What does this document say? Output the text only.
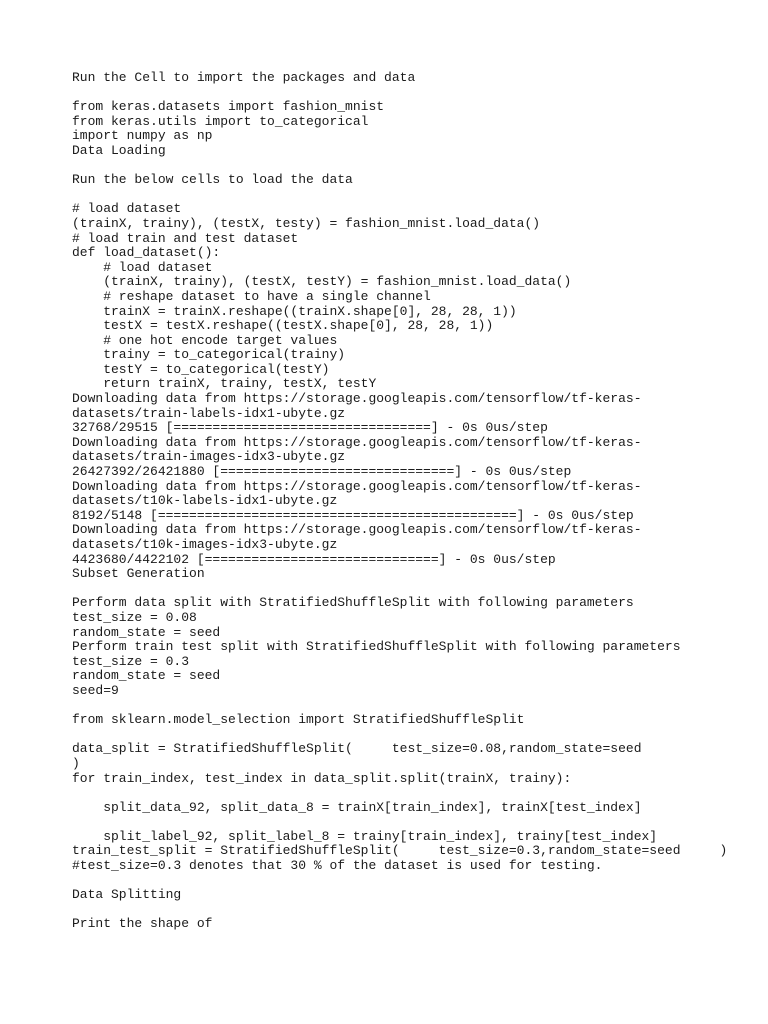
Run the Cell to import the packages and data
from keras.datasets import fashion_mnist
from keras.utils import to_categorical
import numpy as np
Data Loading
Run the below cells to load the data
# load dataset
(trainX, trainy), (testX, testy) = fashion_mnist.load_data()
# load train and test dataset
def load_dataset():
# load dataset
(trainX, trainy), (testX, testY) = fashion_mnist.load_data()
# reshape dataset to have a single channel
trainX = trainX.reshape((trainX.shape[0], 28, 28, 1))
testX = testX.reshape((testX.shape[0], 28, 28, 1))
# one hot encode target values
trainy = to_categorical(trainy)
testY = to_categorical(testY)
return trainX, trainy, testX, testY
Downloading data from https://storage.googleapis.com/tensorflow/tf-keras-
datasets/train-labels-idx1-ubyte.gz
32768/29515 [=================================] - 0s 0us/step
Downloading data from https://storage.googleapis.com/tensorflow/tf-keras-
datasets/train-images-idx3-ubyte.gz
26427392/26421880 [==============================] - 0s 0us/step
Downloading data from https://storage.googleapis.com/tensorflow/tf-keras-
datasets/t10k-labels-idx1-ubyte.gz
8192/5148 [==============================================] - 0s 0us/step
Downloading data from https://storage.googleapis.com/tensorflow/tf-keras-
datasets/t10k-images-idx3-ubyte.gz
4423680/4422102 [==============================] - 0s 0us/step
Subset Generation
Perform data split with StratifiedShuffleSplit with following parameters
test_size = 0.08
random_state = seed
Perform train test split with StratifiedShuffleSplit with following parameters
test_size = 0.3
random_state = seed
seed=9
from sklearn.model_selection import StratifiedShuffleSplit
data_split = StratifiedShuffleSplit(     test_size=0.08,random_state=seed
)
for train_index, test_index in data_split.split(trainX, trainy):
split_data_92, split_data_8 = trainX[train_index], trainX[test_index]
split_label_92, split_label_8 = trainy[train_index], trainy[test_index]
train_test_split = StratifiedShuffleSplit(     test_size=0.3,random_state=seed     )
#test_size=0.3 denotes that 30 % of the dataset is used for testing.
Data Splitting
Print the shape of
